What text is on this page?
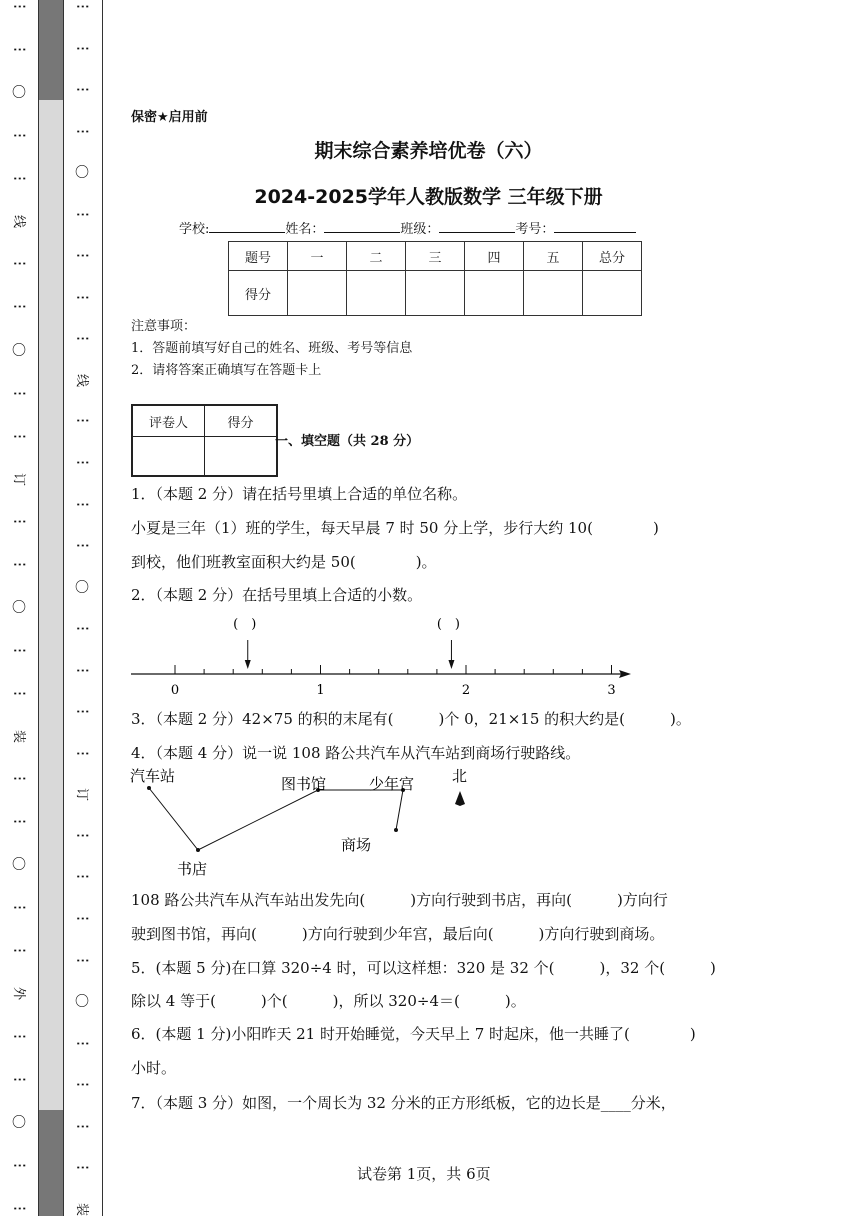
⋮
⋮
〇
⋮
⋮
线
⋮
⋮
〇
⋮
⋮
订
⋮
⋮
〇
⋮
⋮
装
⋮
⋮
〇
⋮
⋮
外
⋮
⋮
〇
⋮
⋮
⋮
⋮
⋮
⋮
〇
⋮
⋮
⋮
⋮
线
⋮
⋮
⋮
⋮
〇
⋮
⋮
⋮
⋮
订
⋮
⋮
⋮
⋮
〇
⋮
⋮
⋮
⋮
装
保密★启用前
期末综合素养培优卷（六）
2024-2025学年人教版数学 三年级下册
学校:	姓名：	班级：	考号：
题号	一	二	三	四	五	总分
得分						
注意事项：
1．答题前填写好自己的姓名、班级、考号等信息
2．请将答案正确填写在答题卡上
评卷人	得分

一、填空题（共 28 分）
1．（本题 2 分）请在括号里填上合适的单位名称。
小夏是三年（1）班的学生，每天早晨 7 时 50 分上学，步行大约 10(　　　　)
到校，他们班教室面积大约是 50(　　　　)。
2．（本题 2 分）在括号里填上合适的小数。
0	1	2	3
(　)	(　)
3．（本题 2 分）42×75 的积的末尾有(　　　)个 0，21×15 的积大约是(　　　)。
4．（本题 4 分）说一说 108 路公共汽车从汽车站到商场行驶路线。
汽车站
书店
图书馆	少年宫
商场
北
108 路公共汽车从汽车站出发先向(　　　)方向行驶到书店，再向(　　　)方向行
驶到图书馆，再向(　　　)方向行驶到少年宫，最后向(　　　)方向行驶到商场。
5．(本题 5 分)在口算 320÷4 时，可以这样想：320 是 32 个(　　　)，32 个(　　　)
除以 4 等于(　　　)个(　　　)，所以 320÷4＝(　　　)。
6．(本题 1 分)小阳昨天 21 时开始睡觉，今天早上 7 时起床，他一共睡了(　　　　)
小时。
7．（本题 3 分）如图，一个周长为 32 分米的正方形纸板，它的边长是____分米，
试卷第 1页，共 6页
